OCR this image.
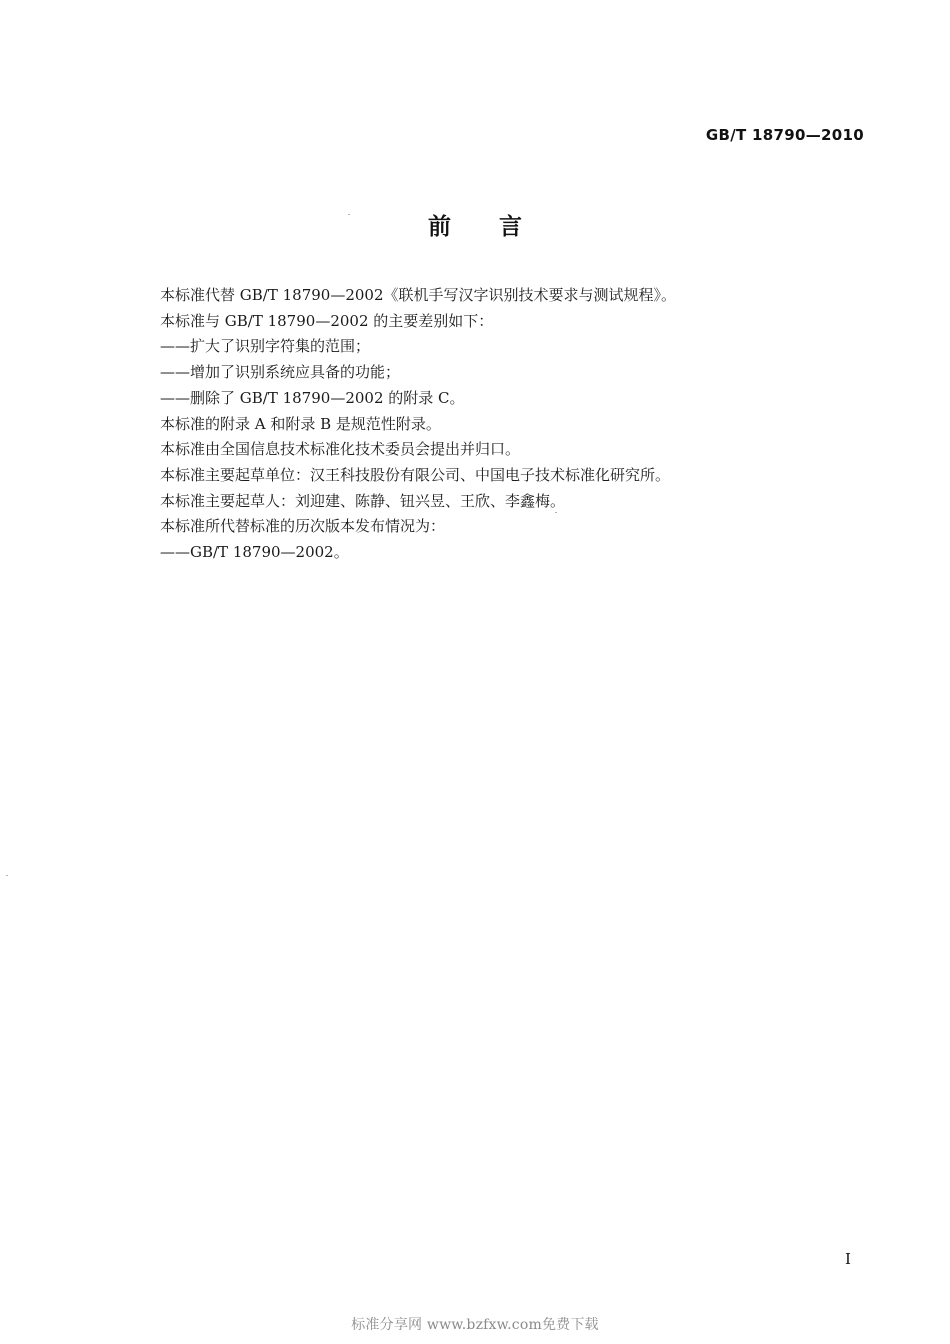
GB/T 18790—2010
前言

本标准代替 GB/T 18790—2002《联机手写汉字识别技术要求与测试规程》。

本标准与 GB/T 18790—2002 的主要差别如下：

——扩大了识别字符集的范围；

——增加了识别系统应具备的功能；

——删除了 GB/T 18790—2002 的附录 C。

本标准的附录 A 和附录 B 是规范性附录。

本标准由全国信息技术标准化技术委员会提出并归口。

本标准主要起草单位：汉王科技股份有限公司、中国电子技术标准化研究所。

本标准主要起草人：刘迎建、陈静、钮兴昱、王欣、李鑫梅。

本标准所代替标准的历次版本发布情况为：

——GB/T 18790—2002。

I
标准分享网 www.bzfxw.com免费下载
